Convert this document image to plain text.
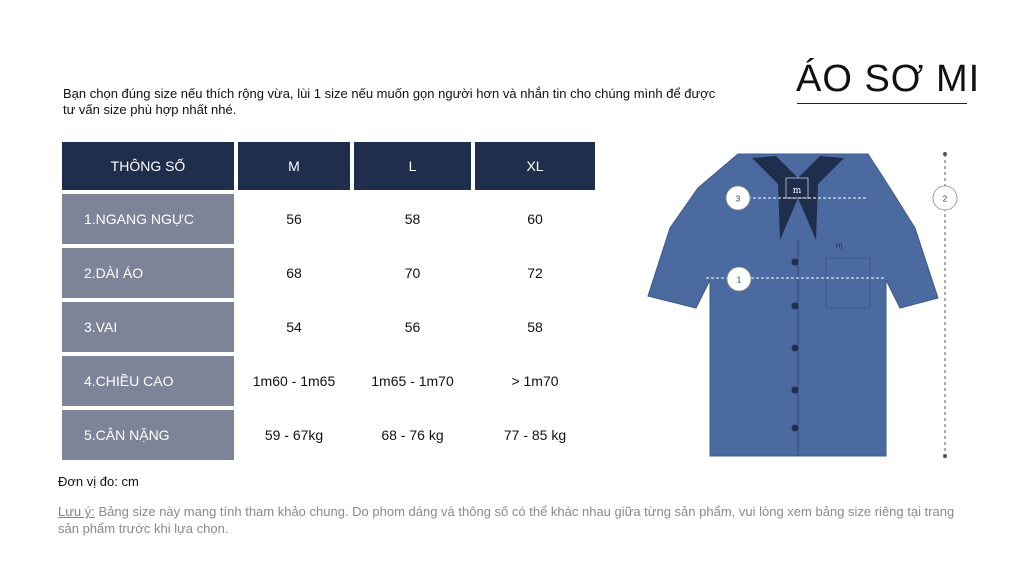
ÁO SƠ MI
Bạn chọn đúng size nếu thích rộng vừa, lùi 1 size nếu muốn gọn người hơn và nhắn tin cho chúng mình để được tư vấn size phù hợp nhất nhé.
THÔNG SỐ	M	L	XL
1.NGANG NGỰC	56	58	60
2.DÀI ÁO	68	70	72
3.VAI	54	56	58
4.CHIỀU CAO	1m60 - 1m65	1m65 - 1m70	> 1m70
5.CÂN NẶNG	59 - 67kg	68 - 76 kg	77 - 85 kg
Đơn vị đo: cm
Lưu ý: Bảng size này mang tính tham khảo chung. Do phom dáng và thông số có thể khác nhau giữa từng sản phẩm, vui lòng xem bảng size riêng tại trang sản phẩm trước khi lựa chọn.
m
ɱ
3
1
2
